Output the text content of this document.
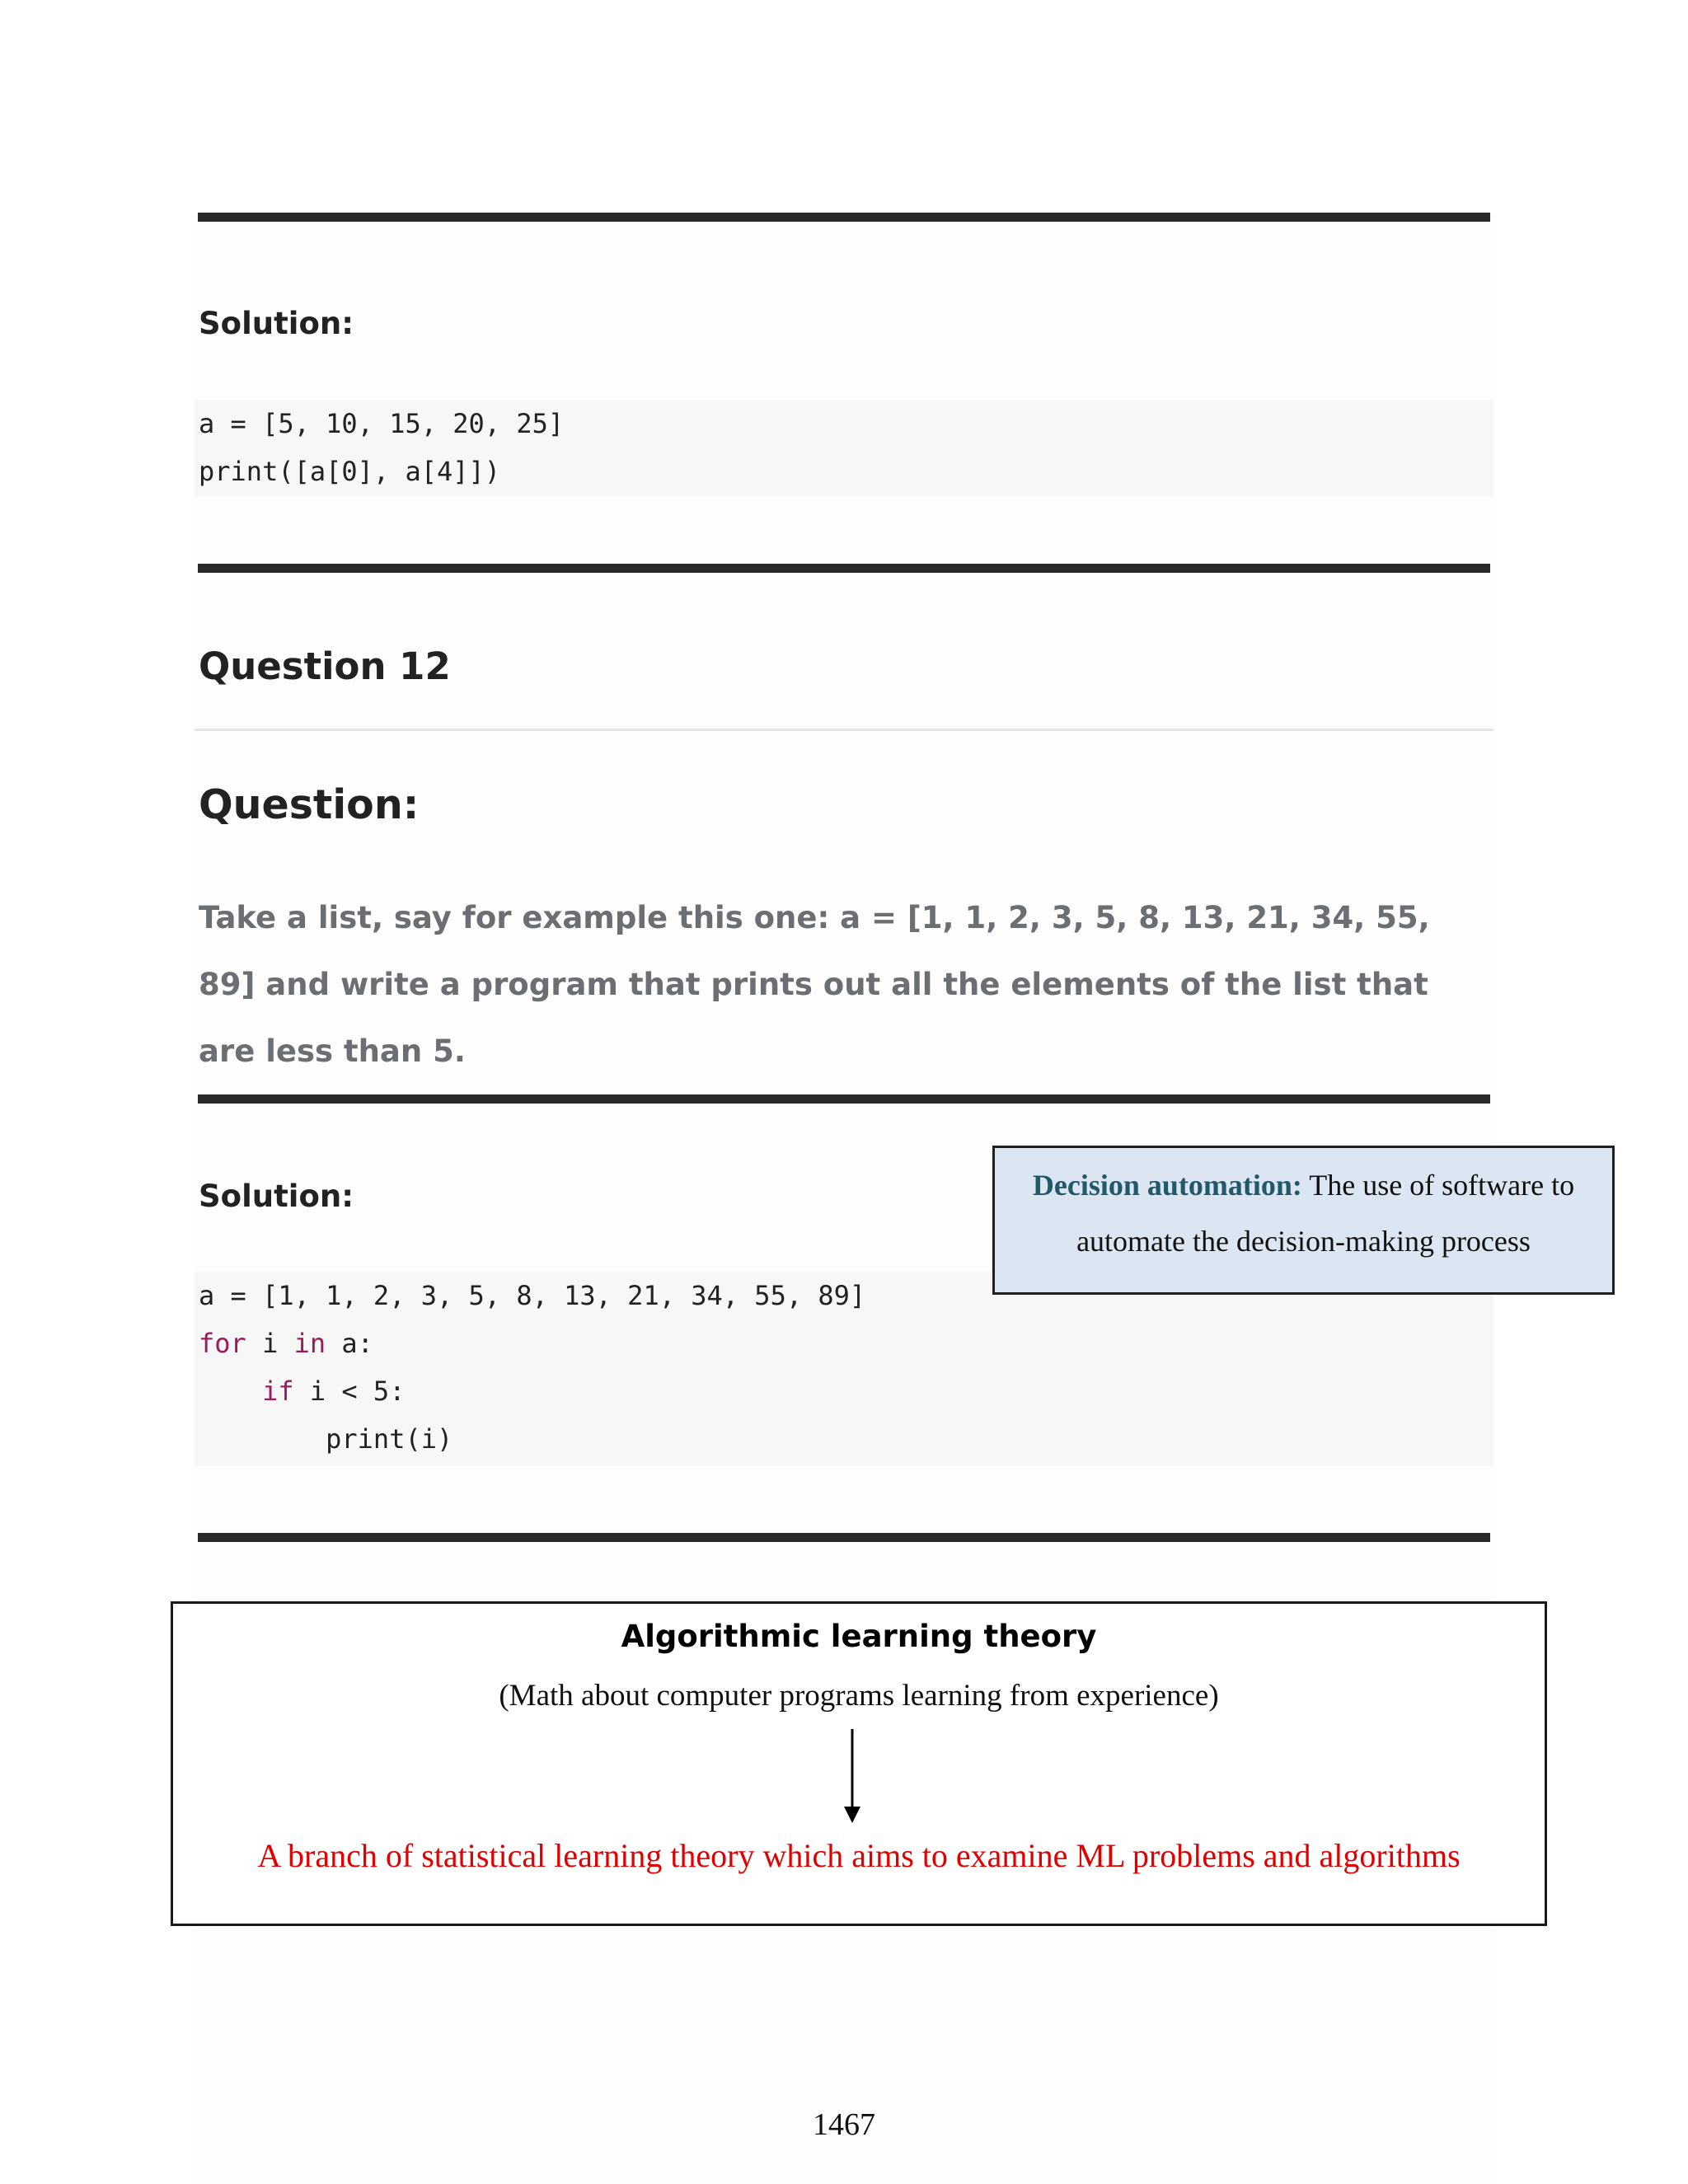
Solution:
a = [5, 10, 15, 20, 25]
print([a[0], a[4]])
Question 12
Question:
Take a list, say for example this one: a = [1, 1, 2, 3, 5, 8, 13, 21, 34, 55, 89] and write a program that prints out all the elements of the list that are less than 5.
Solution:
a = [1, 1, 2, 3, 5, 8, 13, 21, 34, 55, 89]
for i in a:
if i < 5:
print(i)
Decision automation: The use of software to
automate the decision-making process
Algorithmic learning theory
(Math about computer programs learning from experience)
A branch of statistical learning theory which aims to examine ML problems and algorithms
1467
